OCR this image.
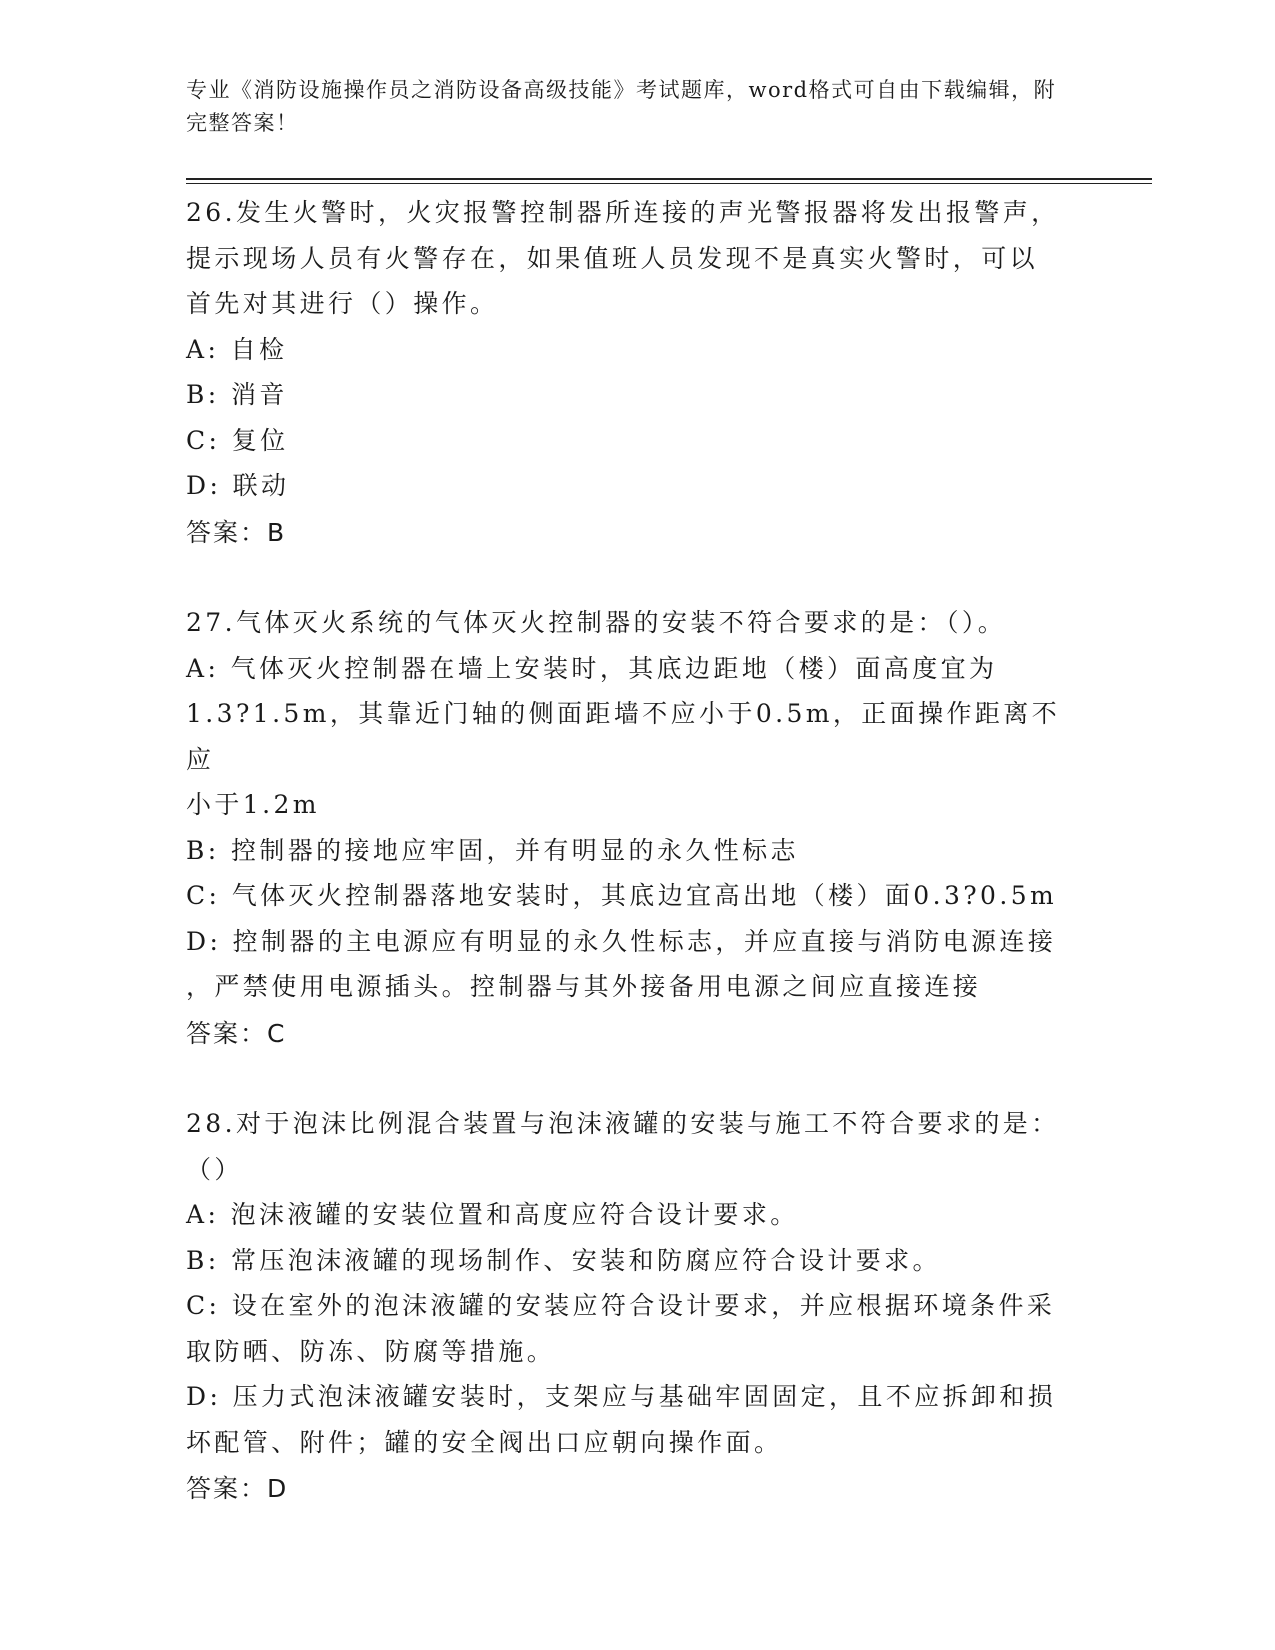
专业《消防设施操作员之消防设备高级技能》考试题库，word格式可自由下载编辑，附完整答案！

26.发生火警时，火灾报警控制器所连接的声光警报器将发出报警声，

提示现场人员有火警存在，如果值班人员发现不是真实火警时，可以

首先对其进行（）操作。

A: 自检

B: 消音

C: 复位

D: 联动

答案：B

27.气体灭火系统的气体灭火控制器的安装不符合要求的是：（）。

A: 气体灭火控制器在墙上安装时，其底边距地（楼）面高度宜为

1.3?1.5m，其靠近门轴的侧面距墙不应小于0.5m，正面操作距离不应

小于1.2m

B: 控制器的接地应牢固，并有明显的永久性标志

C: 气体灭火控制器落地安装时，其底边宜高出地（楼）面0.3?0.5m

D: 控制器的主电源应有明显的永久性标志，并应直接与消防电源连接

，严禁使用电源插头。控制器与其外接备用电源之间应直接连接

答案：C

28.对于泡沫比例混合装置与泡沫液罐的安装与施工不符合要求的是：

（）

A: 泡沫液罐的安装位置和高度应符合设计要求。

B: 常压泡沫液罐的现场制作、安装和防腐应符合设计要求。

C: 设在室外的泡沫液罐的安装应符合设计要求，并应根据环境条件采

取防晒、防冻、防腐等措施。

D: 压力式泡沫液罐安装时，支架应与基础牢固固定，且不应拆卸和损

坏配管、附件；罐的安全阀出口应朝向操作面。

答案：D
